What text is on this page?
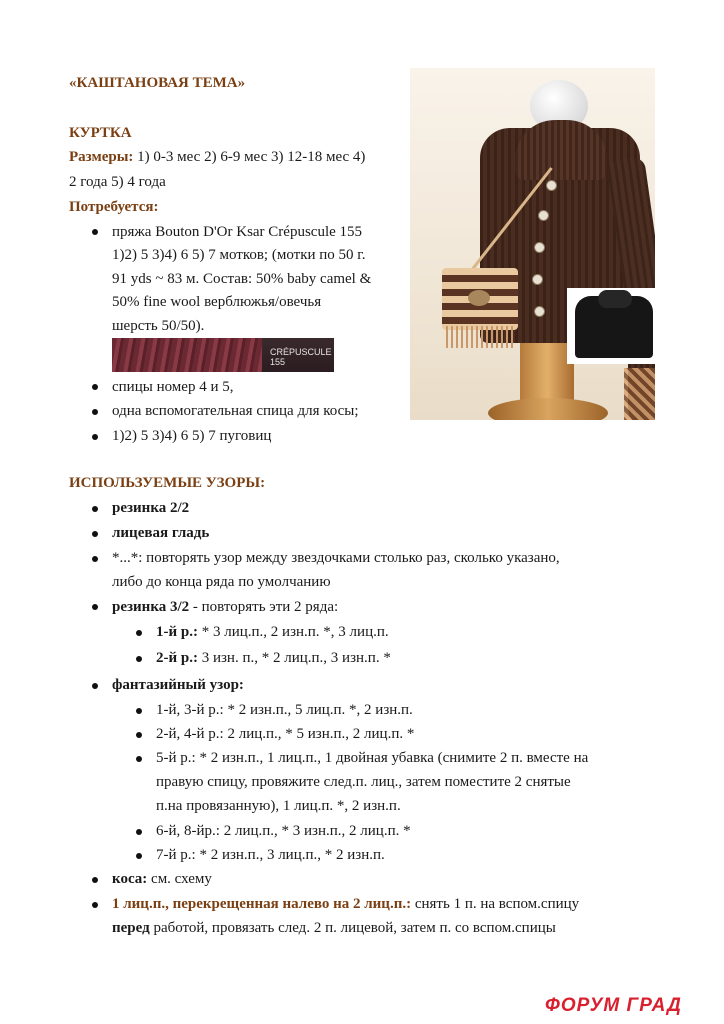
«КАШТАНОВАЯ ТЕМА»
КУРТКА
Размеры: 1) 0-3 мес 2) 6-9 мес 3) 12-18 мес 4)
2 года 5) 4 года
Потребуется:
пряжа Bouton D'Or Ksar Crépuscule 155
1)2) 5 3)4) 6 5) 7 мотков; (мотки по 50 г.
91 yds ~ 83 м. Состав: 50% baby camel &
50% fine wool верблюжья/овечья
шерсть 50/50).
CRÉPUSCULE 155
спицы номер 4 и 5,
одна вспомогательная спица для косы;
1)2) 5 3)4) 6 5) 7 пуговиц
ИСПОЛЬЗУЕМЫЕ УЗОРЫ:
резинка 2/2
лицевая гладь
*...*: повторять узор между звездочками столько раз, сколько указано,
либо до конца ряда по умолчанию
резинка 3/2 - повторять эти 2 ряда:
1-й р.: * 3 лиц.п., 2 изн.п. *, 3 лиц.п.
2-й р.: 3 изн. п., * 2 лиц.п., 3 изн.п. *
фантазийный узор:
1-й, 3-й р.: * 2 изн.п., 5 лиц.п. *, 2 изн.п.
2-й, 4-й р.: 2 лиц.п., * 5 изн.п., 2 лиц.п. *
5-й р.: * 2 изн.п., 1 лиц.п., 1 двойная убавка (снимите 2 п. вместе на
правую спицу, провяжите след.п. лиц., затем поместите 2 снятые
п.на провязанную), 1 лиц.п. *, 2 изн.п.
6-й, 8-йр.: 2 лиц.п., * 3 изн.п., 2 лиц.п. *
7-й р.: * 2 изн.п., 3 лиц.п., * 2 изн.п.
коса: см. схему
1 лиц.п., перекрещенная налево на 2 лиц.п.: снять 1 п. на вспом.спицу
перед работой, провязать след. 2 п. лицевой, затем п. со вспом.спицы
ФОРУМ ГРАД
